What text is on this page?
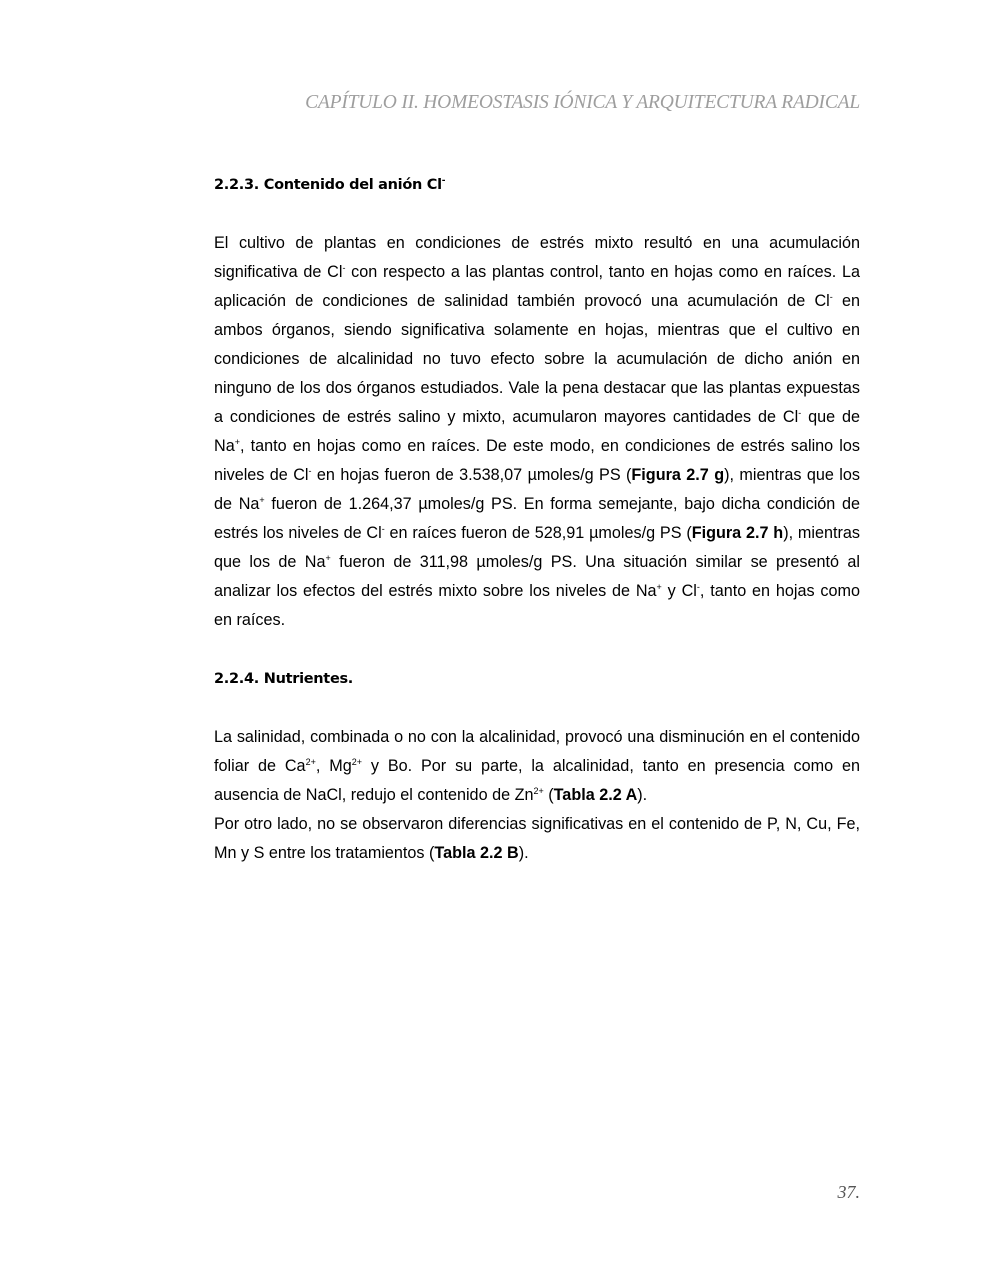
CAPÍTULO II. HOMEOSTASIS IÓNICA Y ARQUITECTURA RADICAL
2.2.3. Contenido del anión Cl-

El cultivo de plantas en condiciones de estrés mixto resultó en una acumulación significativa de Cl- con respecto a las plantas control, tanto en hojas como en raíces. La aplicación de condiciones de salinidad también provocó una acumulación de Cl- en ambos órganos, siendo significativa solamente en hojas, mientras que el cultivo en condiciones de alcalinidad no tuvo efecto sobre la acumulación de dicho anión en ninguno de los dos órganos estudiados. Vale la pena destacar que las plantas expuestas a condiciones de estrés salino y mixto, acumularon mayores cantidades de Cl- que de Na+, tanto en hojas como en raíces. De este modo, en condiciones de estrés salino los niveles de Cl- en hojas fueron de 3.538,07 µmoles/g PS (Figura 2.7 g), mientras que los de Na+ fueron de 1.264,37 µmoles/g PS. En forma semejante, bajo dicha condición de estrés los niveles de Cl- en raíces fueron de 528,91 µmoles/g PS (Figura 2.7 h), mientras que los de Na+ fueron de 311,98 µmoles/g PS. Una situación similar se presentó al analizar los efectos del estrés mixto sobre los niveles de Na+ y Cl-, tanto en hojas como en raíces.

2.2.4. Nutrientes.

La salinidad, combinada o no con la alcalinidad, provocó una disminución en el contenido foliar de $Ca^{2+}$, $Mg^{2+}$ y Bo. Por su parte, la alcalinidad, tanto en presencia como en ausencia de NaCl, redujo el contenido de $Zn^{2+}$ (Tabla 2.2 A).

Por otro lado, no se observaron diferencias significativas en el contenido de P, N, Cu, Fe, Mn y S entre los tratamientos (Tabla 2.2 B).

37.
